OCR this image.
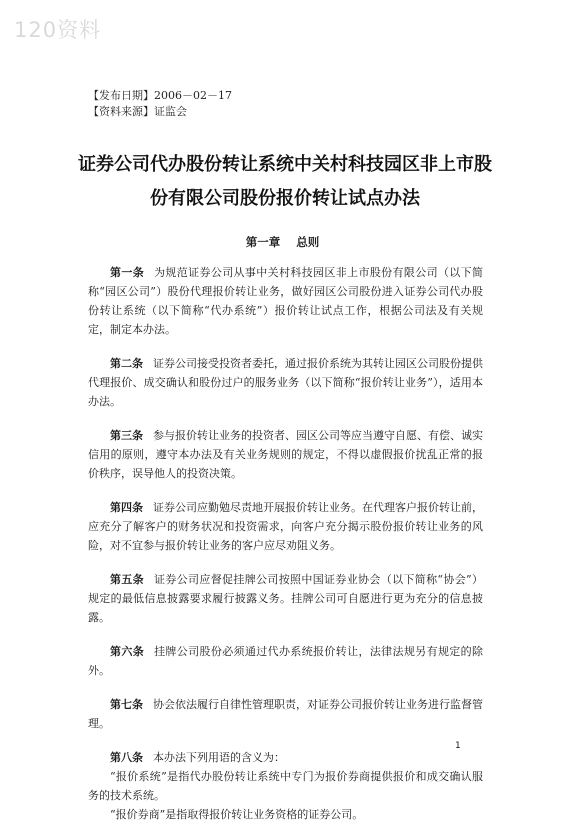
120资料
【发布日期】2006－02－17
【资料来源】证监会
证券公司代办股份转让系统中关村科技园区非上市股
份有限公司股份报价转让试点办法
第一章 总则

第一条 为规范证券公司从事中关村科技园区非上市股份有限公司（以下简称“园区公司”）股份代理报价转让业务，做好园区公司股份进入证券公司代办股份转让系统（以下简称“代办系统”）报价转让试点工作，根据公司法及有关规定，制定本办法。

第二条 证券公司接受投资者委托，通过报价系统为其转让园区公司股份提供代理报价、成交确认和股份过户的服务业务（以下简称“报价转让业务”），适用本办法。

第三条 参与报价转让业务的投资者、园区公司等应当遵守自愿、有偿、诚实信用的原则，遵守本办法及有关业务规则的规定，不得以虚假报价扰乱正常的报价秩序，误导他人的投资决策。

第四条 证券公司应勤勉尽责地开展报价转让业务。在代理客户报价转让前，应充分了解客户的财务状况和投资需求，向客户充分揭示股份报价转让业务的风险，对不宜参与报价转让业务的客户应尽劝阻义务。

第五条 证券公司应督促挂牌公司按照中国证券业协会（以下简称“协会”）规定的最低信息披露要求履行披露义务。挂牌公司可自愿进行更为充分的信息披露。

第六条 挂牌公司股份必须通过代办系统报价转让，法律法规另有规定的除外。

第七条 协会依法履行自律性管理职责，对证券公司报价转让业务进行监督管理。

第八条 本办法下列用语的含义为：

“报价系统”是指代办股份转让系统中专门为报价券商提供报价和成交确认服务的技术系统。

“报价券商”是指取得报价转让业务资格的证券公司。

1
